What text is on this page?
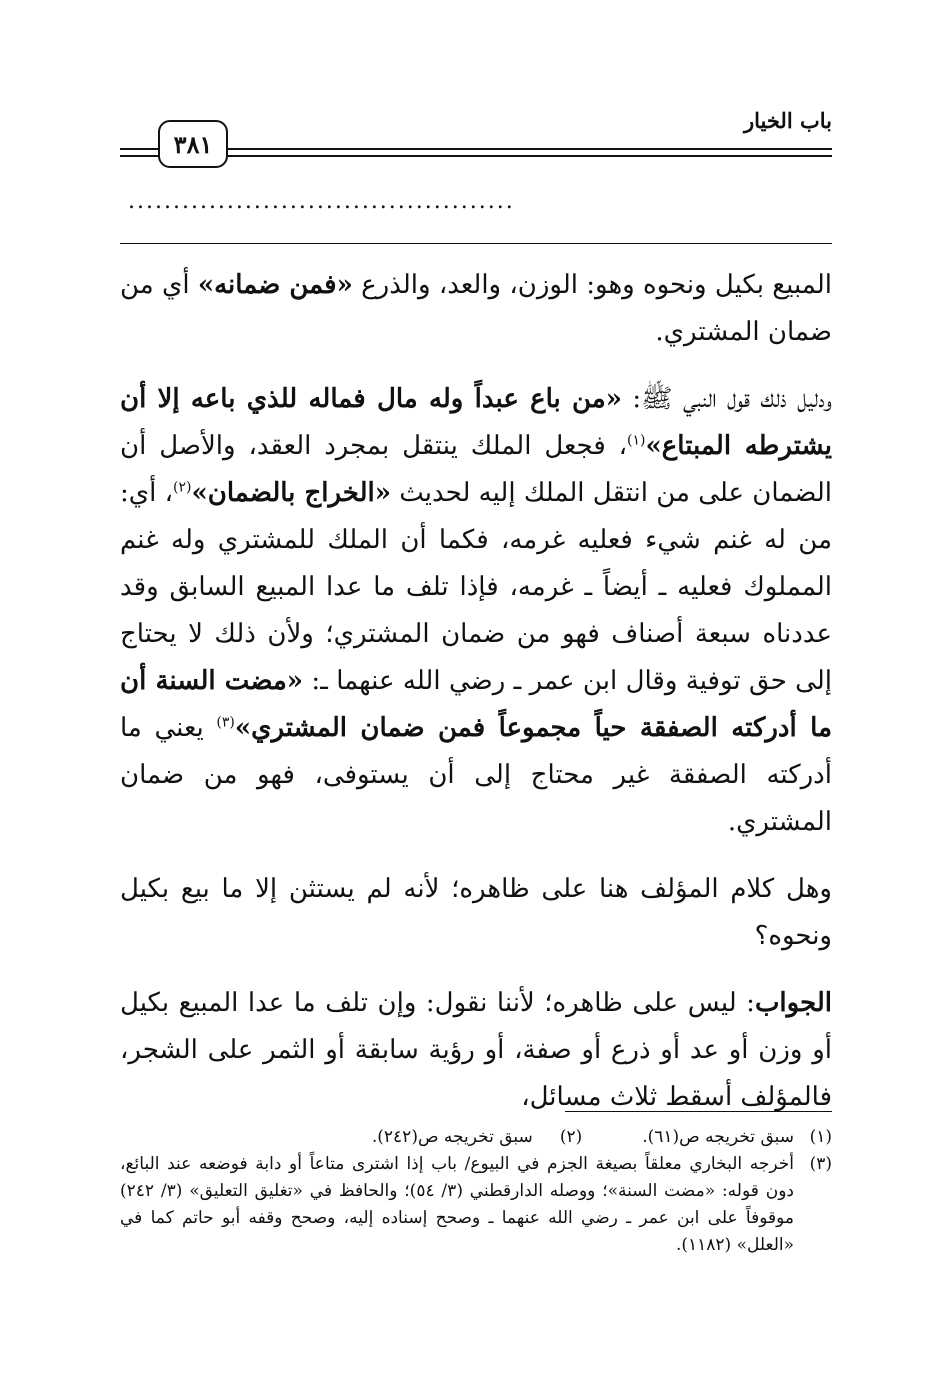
باب الخيار
٣٨١
...........................................

المبيع بكيل ونحوه وهو: الوزن، والعد، والذرع «فمن ضمانه» أي من ضمان المشتري.

ودليل ذلك قول النبي ﷺ: «من باع عبداً وله مال فماله للذي باعه إلا أن يشترطه المبتاع»$^{(١)}$، فجعل الملك ينتقل بمجرد العقد، والأصل أن الضمان على من انتقل الملك إليه لحديث «الخراج بالضمان»$^{(٢)}$، أي: من له غنم شيء فعليه غرمه، فكما أن الملك للمشتري وله غنم المملوك فعليه ـ أيضاً ـ غرمه، فإذا تلف ما عدا المبيع السابق وقد عددناه سبعة أصناف فهو من ضمان المشتري؛ ولأن ذلك لا يحتاج إلى حق توفية وقال ابن عمر ـ رضي الله عنهما ـ: «مضت السنة أن ما أدركته الصفقة حياً مجموعاً فمن ضمان المشتري»$^{(٣)}$ يعني ما أدركته الصفقة غير محتاج إلى أن يستوفى، فهو من ضمان المشتري.

وهل كلام المؤلف هنا على ظاهره؛ لأنه لم يستثن إلا ما بيع بكيل ونحوه؟

الجواب: ليس على ظاهره؛ لأننا نقول: وإن تلف ما عدا المبيع بكيل أو وزن أو عد أو ذرع أو صفة، أو رؤية سابقة أو الثمر على الشجر، فالمؤلف أسقط ثلاث مسائل،

(١)
سبق تخريجه ص(٦١).(٢)     سبق تخريجه ص(٢٤٢).
(٣)
أخرجه البخاري معلقاً بصيغة الجزم في البيوع/ باب إذا اشترى متاعاً أو دابة فوضعه عند البائع، دون قوله: «مضت السنة»؛ ووصله الدارقطني (٣/ ٥٤)؛ والحافظ في «تغليق التعليق» (٣/ ٢٤٢) موقوفاً على ابن عمر ـ رضي الله عنهما ـ وصحح إسناده إليه، وصحح وقفه أبو حاتم كما في «العلل» (١١٨٢).
